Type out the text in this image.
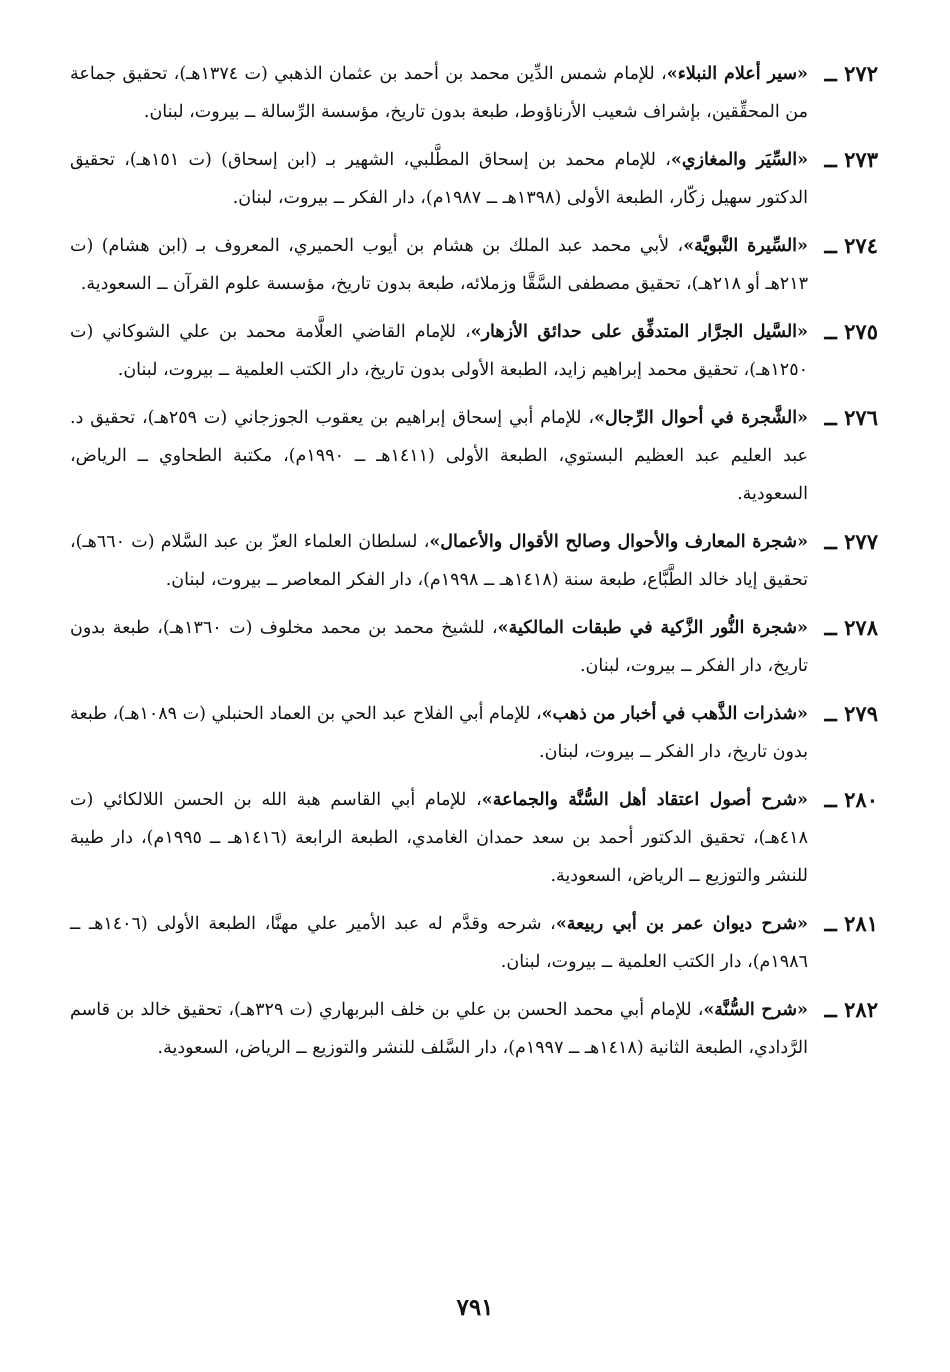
٢٧٢ ــ
«سير أعلام النبلاء»، للإمام شمس الدِّين محمد بن أحمد بن عثمان الذهبي (ت ١٣٧٤هـ)، تحقيق جماعة من المحقِّقين، بإشراف شعيب الأرناؤوط، طبعة بدون تاريخ، مؤسسة الرِّسالة ــ بيروت، لبنان.
٢٧٣ ــ
«السِّيَر والمغازي»، للإمام محمد بن إسحاق المطَّلبي، الشهير بـ (ابن إسحاق) (ت ١٥١هـ)، تحقيق الدكتور سهيل زكّار، الطبعة الأولى (١٣٩٨هـ ــ ١٩٨٧م)، دار الفكر ــ بيروت، لبنان.
٢٧٤ ــ
«السِّيرة النَّبويَّة»، لأبي محمد عبد الملك بن هشام بن أيوب الحميري، المعروف بـ (ابن هشام) (ت ٢١٣هـ أو ٢١٨هـ)، تحقيق مصطفى السَّقَّا وزملائه، طبعة بدون تاريخ، مؤسسة علوم القرآن ــ السعودية.
٢٧٥ ــ
«السَّيل الجرَّار المتدفِّق على حدائق الأزهار»، للإمام القاضي العلَّامة محمد بن علي الشوكاني (ت ١٢٥٠هـ)، تحقيق محمد إبراهيم زايد، الطبعة الأولى بدون تاريخ، دار الكتب العلمية ــ بيروت، لبنان.
٢٧٦ ــ
«الشَّجرة في أحوال الرِّجال»، للإمام أبي إسحاق إبراهيم بن يعقوب الجوزجاني (ت ٢٥٩هـ)، تحقيق د. عبد العليم عبد العظيم البستوي، الطبعة الأولى (١٤١١هـ ــ ١٩٩٠م)، مكتبة الطحاوي ــ الرياض، السعودية.
٢٧٧ ــ
«شجرة المعارف والأحوال وصالح الأقوال والأعمال»، لسلطان العلماء العزّ بن عبد السَّلام (ت ٦٦٠هـ)، تحقيق إياد خالد الطَّبَّاع، طبعة سنة (١٤١٨هـ ــ ١٩٩٨م)، دار الفكر المعاصر ــ بيروت، لبنان.
٢٧٨ ــ
«شجرة النُّور الزَّكية في طبقات المالكية»، للشيخ محمد بن محمد مخلوف (ت ١٣٦٠هـ)، طبعة بدون تاريخ، دار الفكر ــ بيروت، لبنان.
٢٧٩ ــ
«شذرات الذَّهب في أخبار من ذهب»، للإمام أبي الفلاح عبد الحي بن العماد الحنبلي (ت ١٠٨٩هـ)، طبعة بدون تاريخ، دار الفكر ــ بيروت، لبنان.
٢٨٠ ــ
«شرح أصول اعتقاد أهل السُّنَّة والجماعة»، للإمام أبي القاسم هبة الله بن الحسن اللالكائي (ت ٤١٨هـ)، تحقيق الدكتور أحمد بن سعد حمدان الغامدي، الطبعة الرابعة (١٤١٦هـ ــ ١٩٩٥م)، دار طيبة للنشر والتوزيع ــ الرياض، السعودية.
٢٨١ ــ
«شرح ديوان عمر بن أبي ربيعة»، شرحه وقدَّم له عبد الأمير علي مهنَّا، الطبعة الأولى (١٤٠٦هـ ــ ١٩٨٦م)، دار الكتب العلمية ــ بيروت، لبنان.
٢٨٢ ــ
«شرح السُّنَّة»، للإمام أبي محمد الحسن بن علي بن خلف البربهاري (ت ٣٢٩هـ)، تحقيق خالد بن قاسم الرَّدادي، الطبعة الثانية (١٤١٨هـ ــ ١٩٩٧م)، دار السَّلف للنشر والتوزيع ــ الرياض، السعودية.
٧٩١
